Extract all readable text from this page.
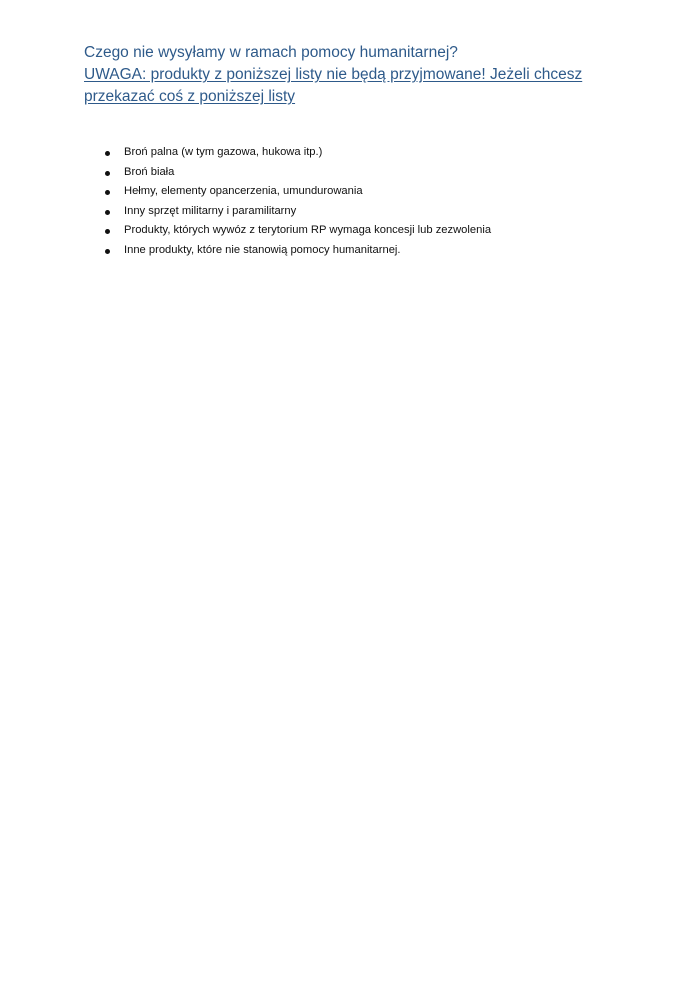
Czego nie wysyłamy w ramach pomocy humanitarnej?
UWAGA: produkty z poniższej listy nie będą przyjmowane! Jeżeli chcesz
przekazać coś z poniższej listy
Broń palna (w tym gazowa, hukowa itp.)
Broń biała
Hełmy, elementy opancerzenia, umundurowania
Inny sprzęt militarny i paramilitarny
Produkty, których wywóz z terytorium RP wymaga koncesji lub zezwolenia
Inne produkty, które nie stanowią pomocy humanitarnej.
